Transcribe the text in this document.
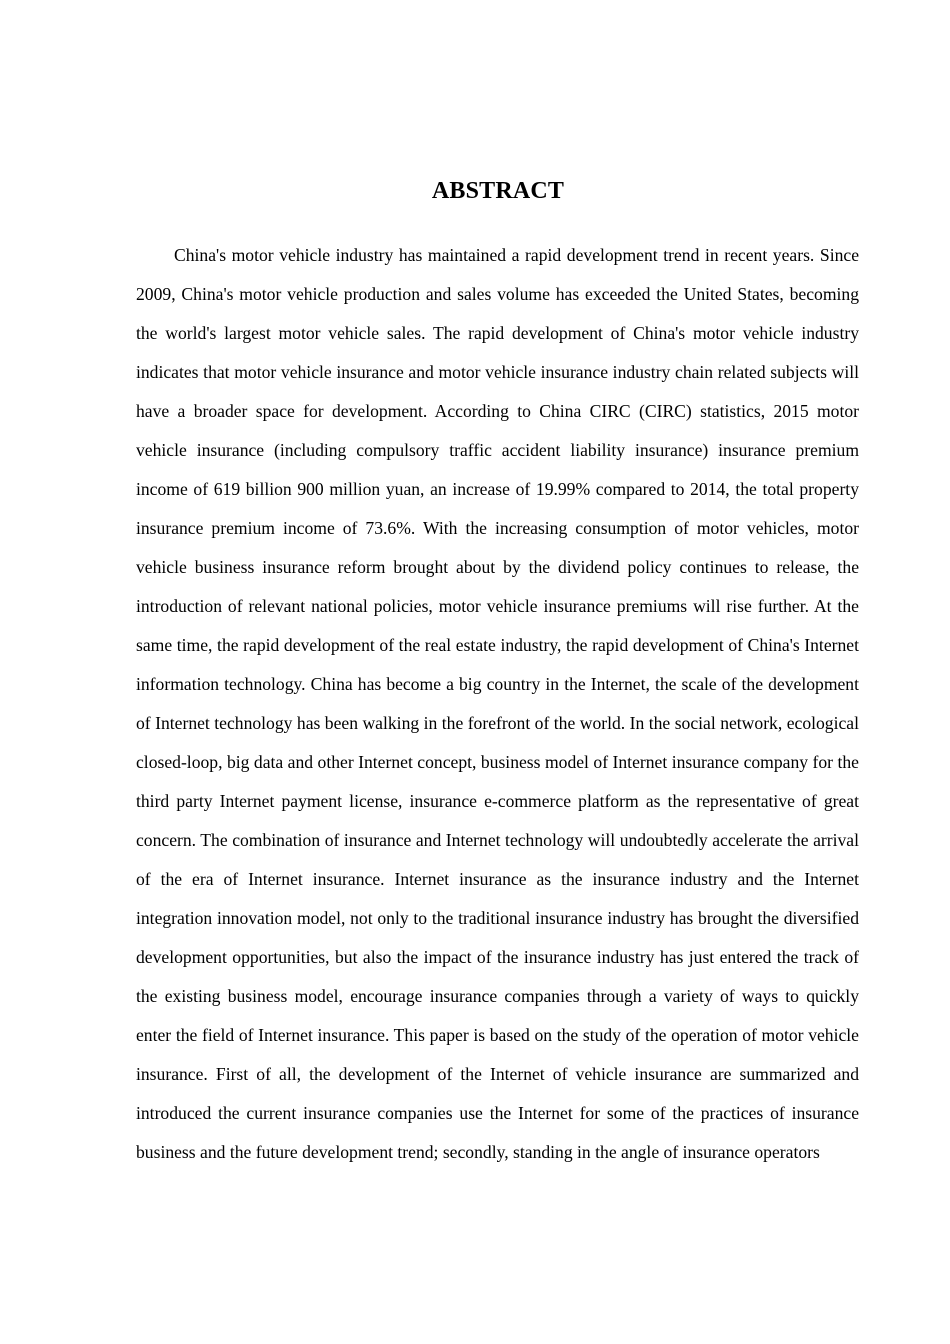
ABSTRACT

China's motor vehicle industry has maintained a rapid development trend in recent years. Since 2009, China's motor vehicle production and sales volume has exceeded the United States, becoming the world's largest motor vehicle sales. The rapid development of China's motor vehicle industry indicates that motor vehicle insurance and motor vehicle insurance industry chain related subjects will have a broader space for development. According to China CIRC (CIRC) statistics, 2015 motor vehicle insurance (including compulsory traffic accident liability insurance) insurance premium income of 619 billion 900 million yuan, an increase of 19.99% compared to 2014, the total property insurance premium income of 73.6%. With the increasing consumption of motor vehicles, motor vehicle business insurance reform brought about by the dividend policy continues to release, the introduction of relevant national policies, motor vehicle insurance premiums will rise further. At the same time, the rapid development of the real estate industry, the rapid development of China's Internet information technology. China has become a big country in the Internet, the scale of the development of Internet technology has been walking in the forefront of the world. In the social network, ecological closed-loop, big data and other Internet concept, business model of Internet insurance company for the third party Internet payment license, insurance e-commerce platform as the representative of great concern. The combination of insurance and Internet technology will undoubtedly accelerate the arrival of the era of Internet insurance. Internet insurance as the insurance industry and the Internet integration innovation model, not only to the traditional insurance industry has brought the diversified development opportunities, but also the impact of the insurance industry has just entered the track of the existing business model, encourage insurance companies through a variety of ways to quickly enter the field of Internet insurance. This paper is based on the study of the operation of motor vehicle insurance. First of all, the development of the Internet of vehicle insurance are summarized and introduced the current insurance companies use the Internet for some of the practices of insurance business and the future development trend; secondly, standing in the angle of insurance operators
